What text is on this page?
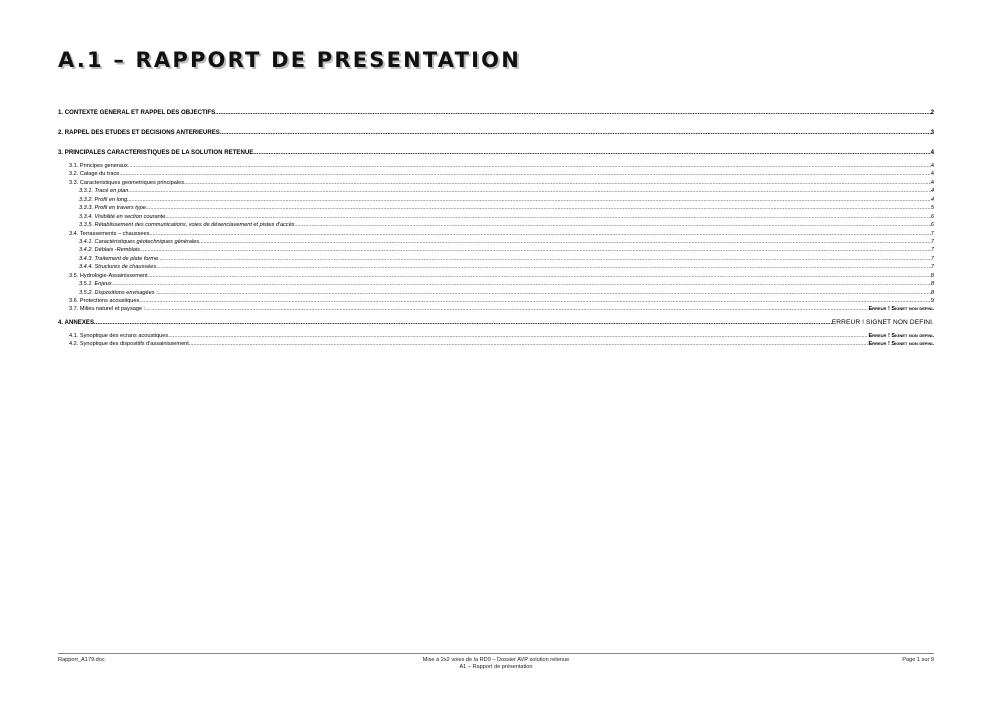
A.1 – RAPPORT DE PRESENTATION
1. CONTEXTE GENERAL ET RAPPEL DES OBJECTIFS .....	2
2. RAPPEL DES ETUDES ET DECISIONS ANTERIEURES .....	3
3. PRINCIPALES CARACTERISTIQUES DE LA SOLUTION RETENUE .....	4
3.1. Principes generaux .....	4
3.2. Calage du trace .....	4
3.3. Caracteristiques geometriques principales .....	4
3.3.1. Tracé en plan .....	4
3.3.2. Profil en long .....	4
3.3.3. Profil en travers type .....	5
3.3.4. Visibilité en section courante .....	6
3.3.5. Rétablissement des communications, voies de désenclavement et pistes d'accès .....	6
3.4. Terrassements – chaussees .....	7
3.4.1. Caractéristiques géotechniques générales .....	7
3.4.2. Déblais -Remblais .....	7
3.4.3. Traitement de plate forme .....	7
3.4.4. Structures de chaussées .....	7
3.5. Hydrologie-Assainissement .....	8
3.5.1. Enjeux .....	8
3.5.2. Dispositions envisagées : .....	8
3.6. Protections acoustiques .....	9
3.7. Milieu naturel et paysage : .....	Erreur ! Signet non defini.
4. ANNEXES .....	ERREUR ! SIGNET NON DEFINI.
4.1. Synoptique des ecrans acoustiques .....	Erreur ! Signet non defini.
4.2. Synoptique des dispositifs d'assainissement .....	Erreur ! Signet non defini.
Rapport_A179.doc	Mise à 2x2 voies de la RD9 – Dossier AVP solution retenue
A1 – Rapport de présentation
Page 1 sur 9
